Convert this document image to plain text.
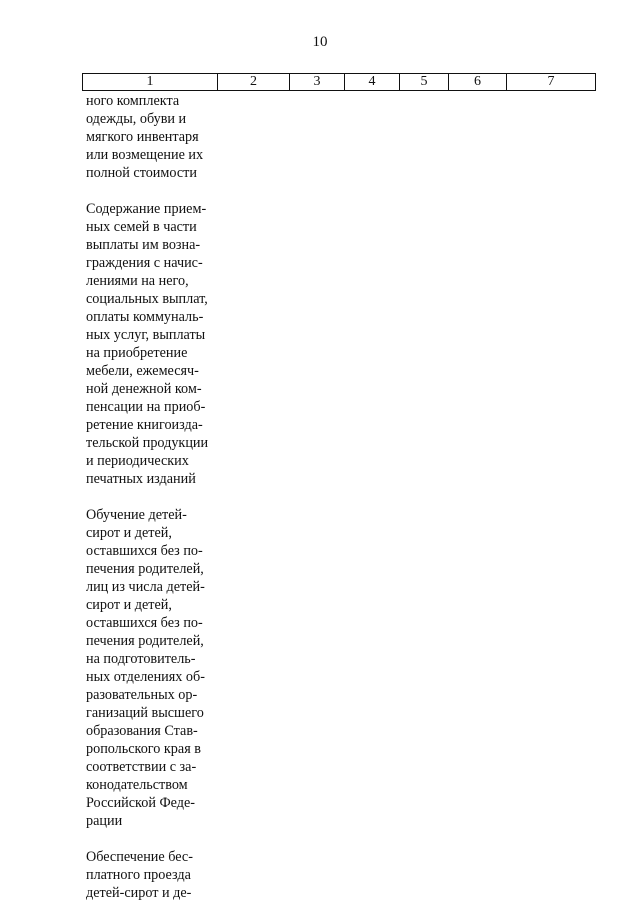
10
1	2	3	4	5	6	7

ного комплекта
одежды, обуви и
мягкого инвентаря
или возмещение их
полной стоимости

Содержание прием-
ных семей в части
выплаты им возна-
граждения с начис-
лениями на него,
социальных выплат,
оплаты коммуналь-
ных услуг, выплаты
на приобретение
мебели, ежемесяч-
ной денежной ком-
пенсации на приоб-
ретение книгоизда-
тельской продукции
и периодических
печатных изданий

Обучение детей-
сирот и детей,
оставшихся без по-
печения родителей,
лиц из числа детей-
сирот и детей,
оставшихся без по-
печения родителей,
на подготовитель-
ных отделениях об-
разовательных ор-
ганизаций высшего
образования Став-
ропольского края в
соответствии с за-
конодательством
Российской Феде-
рации

Обеспечение бес-
платного проезда
детей-сирот и де-
